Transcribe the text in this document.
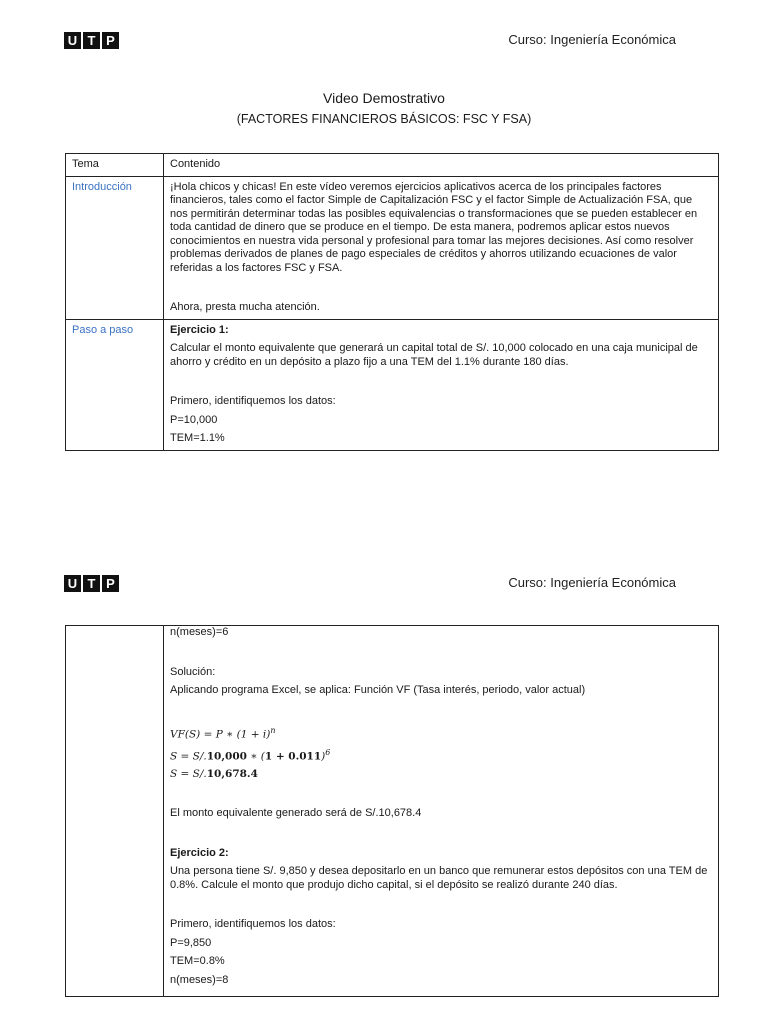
U T P	Curso: Ingeniería Económica

Video Demostrativo

(FACTORES FINANCIEROS BÁSICOS: FSC Y FSA)

Tema	Contenido
Introducción	¡Hola chicos y chicas! En este vídeo veremos ejercicios aplicativos acerca de los principales factores financieros, tales como el factor Simple de Capitalización FSC y el factor Simple de Actualización FSA, que nos permitirán determinar todas las posibles equivalencias o transformaciones que se pueden establecer en toda cantidad de dinero que se produce en el tiempo. De esta manera, podremos aplicar estos nuevos conocimientos en nuestra vida personal y profesional para tomar las mejores decisiones. Así como resolver problemas derivados de planes de pago especiales de créditos y ahorros utilizando ecuaciones de valor referidas a los factores FSC y FSA.

Ahora, presta mucha atención.

Paso a paso	Ejercicio 1:

Calcular el monto equivalente que generará un capital total de S/. 10,000 colocado en una caja municipal de ahorro y crédito en un depósito a plazo fijo a una TEM del 1.1% durante 180 días.

Primero, identifiquemos los datos:

P=10,000

TEM=1.1%

U T P	Curso: Ingeniería Económica

n(meses)=6

Solución:

Aplicando programa Excel, se aplica: Función VF (Tasa interés, periodo, valor actual)

VF(S) = P ∗ $(1 + i)^n$

S = S/.10,000 ∗ $(1 + 0.011)^6$

S = S/.10,678.4

El monto equivalente generado será de S/.10,678.4

Ejercicio 2:

Una persona tiene S/. 9,850 y desea depositarlo en un banco que remunerar estos depósitos con una TEM de 0.8%. Calcule el monto que produjo dicho capital, si el depósito se realizó durante 240 días.

Primero, identifiquemos los datos:

P=9,850

TEM=0.8%

n(meses)=8
